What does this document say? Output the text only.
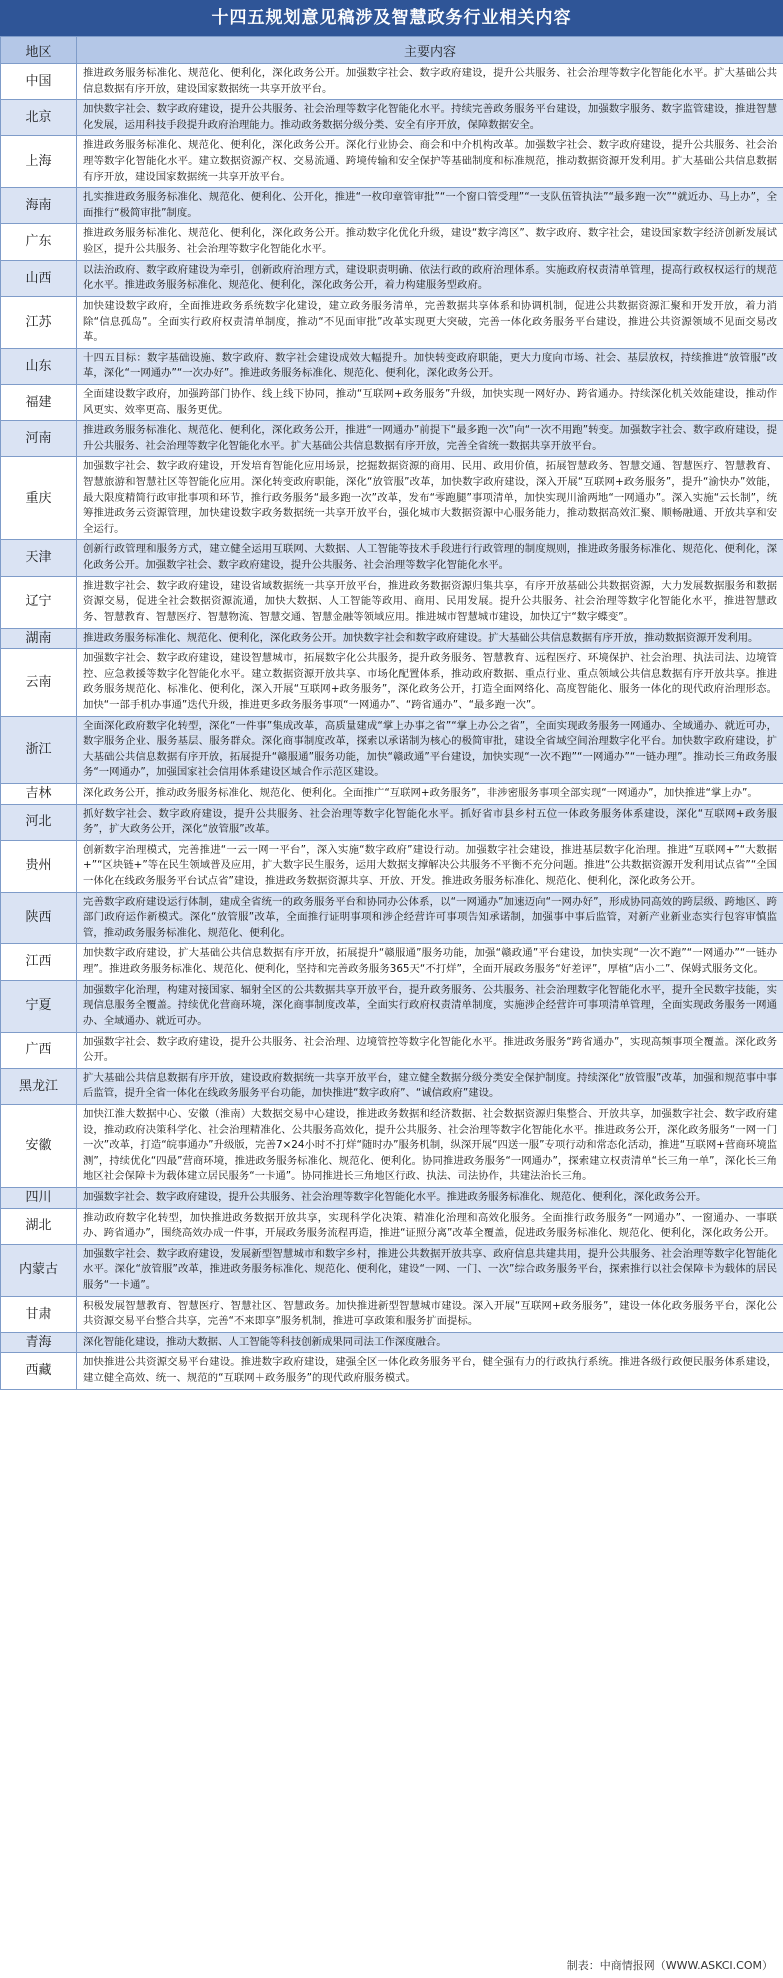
十四五规划意见稿涉及智慧政务行业相关内容
地区	主要内容
中国	推进政务服务标准化、规范化、便利化，深化政务公开。加强数字社会、数字政府建设，提升公共服务、社会治理等数字化智能化水平。扩大基础公共信息数据有序开放，建设国家数据统一共享开放平台。
北京	加快数字社会、数字政府建设，提升公共服务、社会治理等数字化智能化水平。持续完善政务服务平台建设，加强数字服务、数字监管建设，推进智慧化发展，运用科技手段提升政府治理能力。推动政务数据分级分类、安全有序开放，保障数据安全。
上海	推进政务服务标准化、规范化、便利化，深化政务公开。深化行业协会、商会和中介机构改革。加强数字社会、数字政府建设，提升公共服务、社会治理等数字化智能化水平。建立数据资源产权、交易流通、跨境传输和安全保护等基础制度和标准规范，推动数据资源开发利用。扩大基础公共信息数据有序开放，建设国家数据统一共享开放平台。
海南	扎实推进政务服务标准化、规范化、便利化、公开化，推进“一枚印章管审批”“一个窗口管受理”“一支队伍管执法”“最多跑一次”“就近办、马上办”，全面推行“极简审批”制度。
广东	推进政务服务标准化、规范化、便利化，深化政务公开。推动数字化优化升级，建设“数字湾区”、数字政府、数字社会，建设国家数字经济创新发展试验区，提升公共服务、社会治理等数字化智能化水平。
山西	以法治政府、数字政府建设为牵引，创新政府治理方式，建设职责明确、依法行政的政府治理体系。实施政府权责清单管理，提高行政权权运行的规范化水平。推进政务服务标准化、规范化、便利化，深化政务公开，着力构建服务型政府。
江苏	加快建设数字政府，全面推进政务系统数字化建设，建立政务服务清单，完善数据共享体系和协调机制，促进公共数据资源汇聚和开发开放，着力消除“信息孤岛”。全面实行政府权责清单制度，推动“不见面审批”改革实现更大突破，完善一体化政务服务平台建设，推进公共资源领域不见面交易改革。
山东	十四五目标：数字基础设施、数字政府、数字社会建设成效大幅提升。加快转变政府职能，更大力度向市场、社会、基层放权，持续推进“放管服”改革，深化“一网通办”“一次办好”。推进政务服务标准化、规范化、便利化，深化政务公开。
福建	全面建设数字政府，加强跨部门协作、线上线下协同，推动“互联网+政务服务”升级，加快实现一网好办、跨省通办。持续深化机关效能建设，推动作风更实、效率更高、服务更优。
河南	推进政务服务标准化、规范化、便利化，深化政务公开，推进“一网通办”前提下“最多跑一次”向“一次不用跑”转变。加强数字社会、数字政府建设，提升公共服务、社会治理等数字化智能化水平。扩大基础公共信息数据有序开放，完善全省统一数据共享开放平台。
重庆	加强数字社会、数字政府建设，开发培育智能化应用场景，挖掘数据资源的商用、民用、政用价值，拓展智慧政务、智慧交通、智慧医疗、智慧教育、智慧旅游和智慧社区等智能化应用。深化转变政府职能，深化“放管服”改革，加快数字政府建设，深入开展“互联网+政务服务”，提升“渝快办”效能，最大限度精简行政审批事项和环节，推行政务服务“最多跑一次”改革，发布“零跑腿”事项清单，加快实现川渝两地“一网通办”。深入实施“云长制”，统筹推进政务云资源管理，加快建设数字政务数据统一共享开放平台，强化城市大数据资源中心服务能力，推动数据高效汇聚、顺畅融通、开放共享和安全运行。
天津	创新行政管理和服务方式，建立健全运用互联网、大数据、人工智能等技术手段进行行政管理的制度规则，推进政务服务标准化、规范化、便利化，深化政务公开。加强数字社会、数字政府建设，提升公共服务、社会治理等数字化智能化水平。
辽宁	推进数字社会、数字政府建设，建设省域数据统一共享开放平台，推进政务数据资源归集共享，有序开放基础公共数据资源，大力发展数据服务和数据资源交易，促进全社会数据资源流通，加快大数据、人工智能等政用、商用、民用发展。提升公共服务、社会治理等数字化智能化水平，推进智慧政务、智慧教育、智慧医疗、智慧物流、智慧交通、智慧金融等领域应用。推进城市智慧城市建设，加快辽宁“数字蝶变”。
湖南	推进政务服务标准化、规范化、便利化，深化政务公开。加快数字社会和数字政府建设。扩大基础公共信息数据有序开放，推动数据资源开发利用。
云南	加强数字社会、数字政府建设，建设智慧城市，拓展数字化公共服务，提升政务服务、智慧教育、远程医疗、环境保护、社会治理、执法司法、边境管控、应急救援等数字化智能化水平。建立数据资源开放共享、市场化配置体系，推动政府数据、重点行业、重点领域公共信息数据有序开放共享。推进政务服务规范化、标准化、便利化，深入开展“互联网+政务服务”，深化政务公开，打造全面网络化、高度智能化、服务一体化的现代政府治理形态。加快“一部手机办事通”迭代升级，推进更多政务服务事项“一网通办”、“跨省通办”、“最多跑一次”。
浙江	全面深化政府数字化转型，深化“一件事”集成改革，高质量建成“掌上办事之省”“掌上办公之省”，全面实现政务服务一网通办、全域通办、就近可办，数字服务企业、服务基层、服务群众。深化商事制度改革，探索以承诺制为核心的极简审批，建设全省域空间治理数字化平台。加快数字政府建设，扩大基础公共信息数据有序开放，拓展提升“赣服通”服务功能，加快“赣政通”平台建设，加快实现“一次不跑”“一网通办”“一链办理”。推动长三角政务服务“一网通办”，加强国家社会信用体系建设区域合作示范区建设。
吉林	深化政务公开，推动政务服务标准化、规范化、便利化。全面推广“互联网+政务服务”，非涉密服务事项全部实现“一网通办”，加快推进“掌上办”。
河北	抓好数字社会、数字政府建设，提升公共服务、社会治理等数字化智能化水平。抓好省市县乡村五位一体政务服务体系建设，深化“互联网+政务服务”，扩大政务公开，深化“放管服”改革。
贵州	创新数字治理模式，完善推进“一云一网一平台”，深入实施“数字政府”建设行动。加强数字社会建设，推进基层数字化治理。推进“互联网+”“大数据+”“区块链+”等在民生领域普及应用，扩大数字民生服务，运用大数据支撑解决公共服务不平衡不充分问题。推进“公共数据资源开发利用试点省”“全国一体化在线政务服务平台试点省”建设，推进政务数据资源共享、开放、开发。推进政务服务标准化、规范化、便利化，深化政务公开。
陕西	完善数字政府建设运行体制，建成全省统一的政务服务平台和协同办公体系，以“一网通办”加速迈向“一网办好”，形成协同高效的跨层级、跨地区、跨部门政府运作新模式。深化“放管服”改革，全面推行证明事项和涉企经营许可事项告知承诺制，加强事中事后监管，对新产业新业态实行包容审慎监管，推动政务服务标准化、规范化、便利化。
江西	加快数字政府建设，扩大基础公共信息数据有序开放，拓展提升“赣服通”服务功能，加强“赣政通”平台建设，加快实现“一次不跑”“一网通办”“一链办理”。推进政务服务标准化、规范化、便利化，坚持和完善政务服务365天“不打烊”，全面开展政务服务“好差评”，厚植“店小二”、保姆式服务文化。
宁夏	加强数字化治理，构建对接国家、辐射全区的公共数据共享开放平台，提升政务服务、公共服务、社会治理数字化智能化水平，提升全民数字技能，实现信息服务全覆盖。持续优化营商环境，深化商事制度改革，全面实行政府权责清单制度，实施涉企经营许可事项清单管理，全面实现政务服务一网通办、全域通办、就近可办。
广西	加强数字社会、数字政府建设，提升公共服务、社会治理、边境管控等数字化智能化水平。推进政务服务“跨省通办”，实现高频事项全覆盖。深化政务公开。
黑龙江	扩大基础公共信息数据有序开放，建设政府数据统一共享开放平台，建立健全数据分级分类安全保护制度。持续深化“放管服”改革，加强和规范事中事后监管，提升全省一体化在线政务服务平台功能，加快推进“数字政府”、“诚信政府”建设。
安徽	加快江淮大数据中心、安徽（淮南）大数据交易中心建设，推进政务数据和经济数据、社会数据资源归集整合、开放共享，加强数字社会、数字政府建设，推动政府决策科学化、社会治理精准化、公共服务高效化，提升公共服务、社会治理等数字化智能化水平。推进政务公开，深化政务服务“一网一门一次”改革，打造“皖事通办”升级版，完善7×24小时不打烊“随时办”服务机制，纵深开展“四送一服”专项行动和常态化活动，推进“互联网+营商环境监测”，持续优化“四最”营商环境，推进政务服务标准化、规范化、便利化。协同推进政务服务“一网通办”，探索建立权责清单“长三角一单”，深化长三角地区社会保障卡为载体建立居民服务“一卡通”。协同推进长三角地区行政、执法、司法协作，共建法治长三角。
四川	加强数字社会、数字政府建设，提升公共服务、社会治理等数字化智能化水平。推进政务服务标准化、规范化、便利化，深化政务公开。
湖北	推动政府数字化转型，加快推进政务数据开放共享，实现科学化决策、精准化治理和高效化服务。全面推行政务服务“一网通办”、一窗通办、一事联办、跨省通办”，围绕高效办成一件事，开展政务服务流程再造，推进“证照分离”改革全覆盖，促进政务服务标准化、规范化、便利化，深化政务公开。
内蒙古	加强数字社会、数字政府建设，发展新型智慧城市和数字乡村，推进公共数据开放共享、政府信息共建共用，提升公共服务、社会治理等数字化智能化水平。深化“放管服”改革，推进政务服务标准化、规范化、便利化，建设“一网、一门、一次”综合政务服务平台，探索推行以社会保障卡为载体的居民服务“一卡通”。
甘肃	积极发展智慧教育、智慧医疗、智慧社区、智慧政务。加快推进新型智慧城市建设。深入开展“互联网+政务服务”，建设一体化政务服务平台，深化公共资源交易平台整合共享，完善“不来即享”服务机制，推进可享政策和服务扩面提标。
青海	深化智能化建设，推动大数据、人工智能等科技创新成果同司法工作深度融合。
西藏	加快推进公共资源交易平台建设。推进数字政府建设，建强全区一体化政务服务平台，健全强有力的行政执行系统。推进各级行政便民服务体系建设，建立健全高效、统一、规范的“互联网＋政务服务”的现代政府服务模式。
制表：中商情报网（WWW.ASKCI.COM）
